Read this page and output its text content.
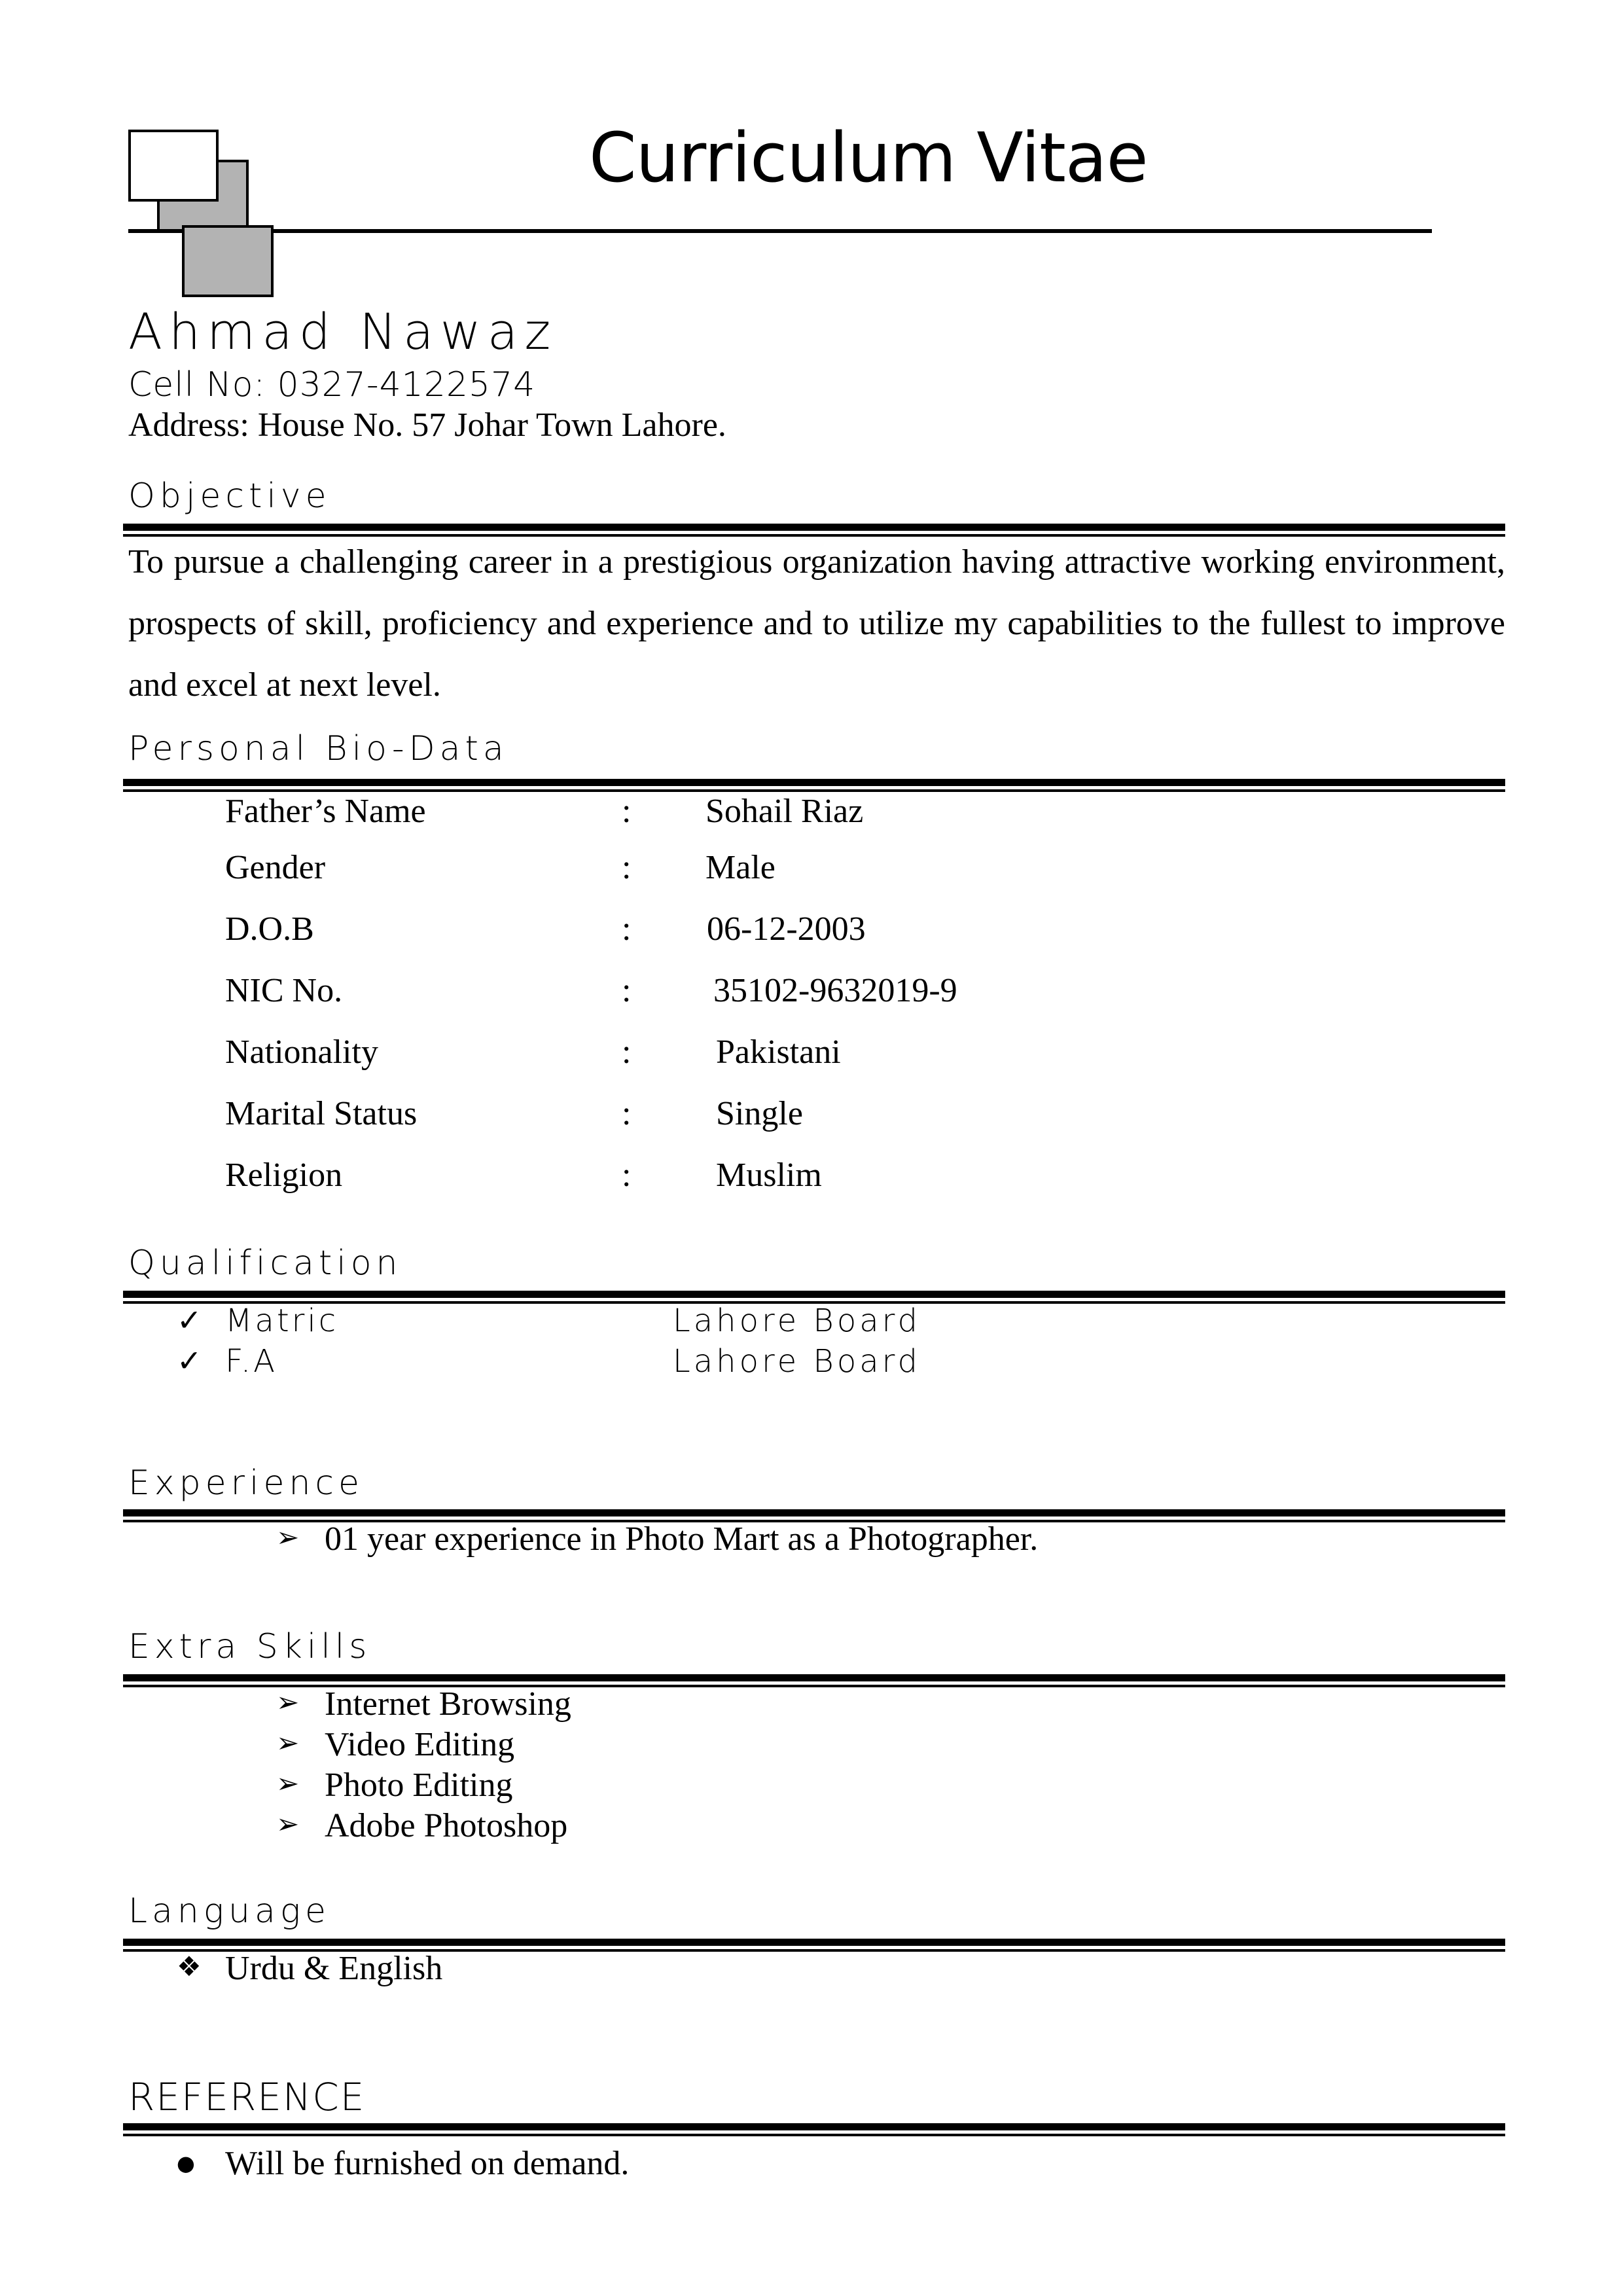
Curriculum Vitae
Ahmad Nawaz
Cell No: 0327-4122574
Address: House No. 57 Johar Town Lahore.
Objective
To pursue a challenging career in a prestigious organization having attractive working environment, prospects of skill, proficiency and experience and to utilize my capabilities to the fullest to improve and excel at next level.
Personal Bio-Data
Father’s Name	: Sohail Riaz
Gender	: Male
D.O.B	: 06-12-2003
NIC No.	: 35102-9632019-9
Nationality	: Pakistani
Marital Status	: Single
Religion	: Muslim
Qualification
✓ Matric	Lahore Board
✓ F.A	Lahore Board
Experience
➢ 01 year experience in Photo Mart as a Photographer.
Extra Skills
➢ Internet Browsing
➢ Video Editing
➢ Photo Editing
➢ Adobe Photoshop
Language
❖ Urdu & English
REFERENCE
● Will be furnished on demand.
